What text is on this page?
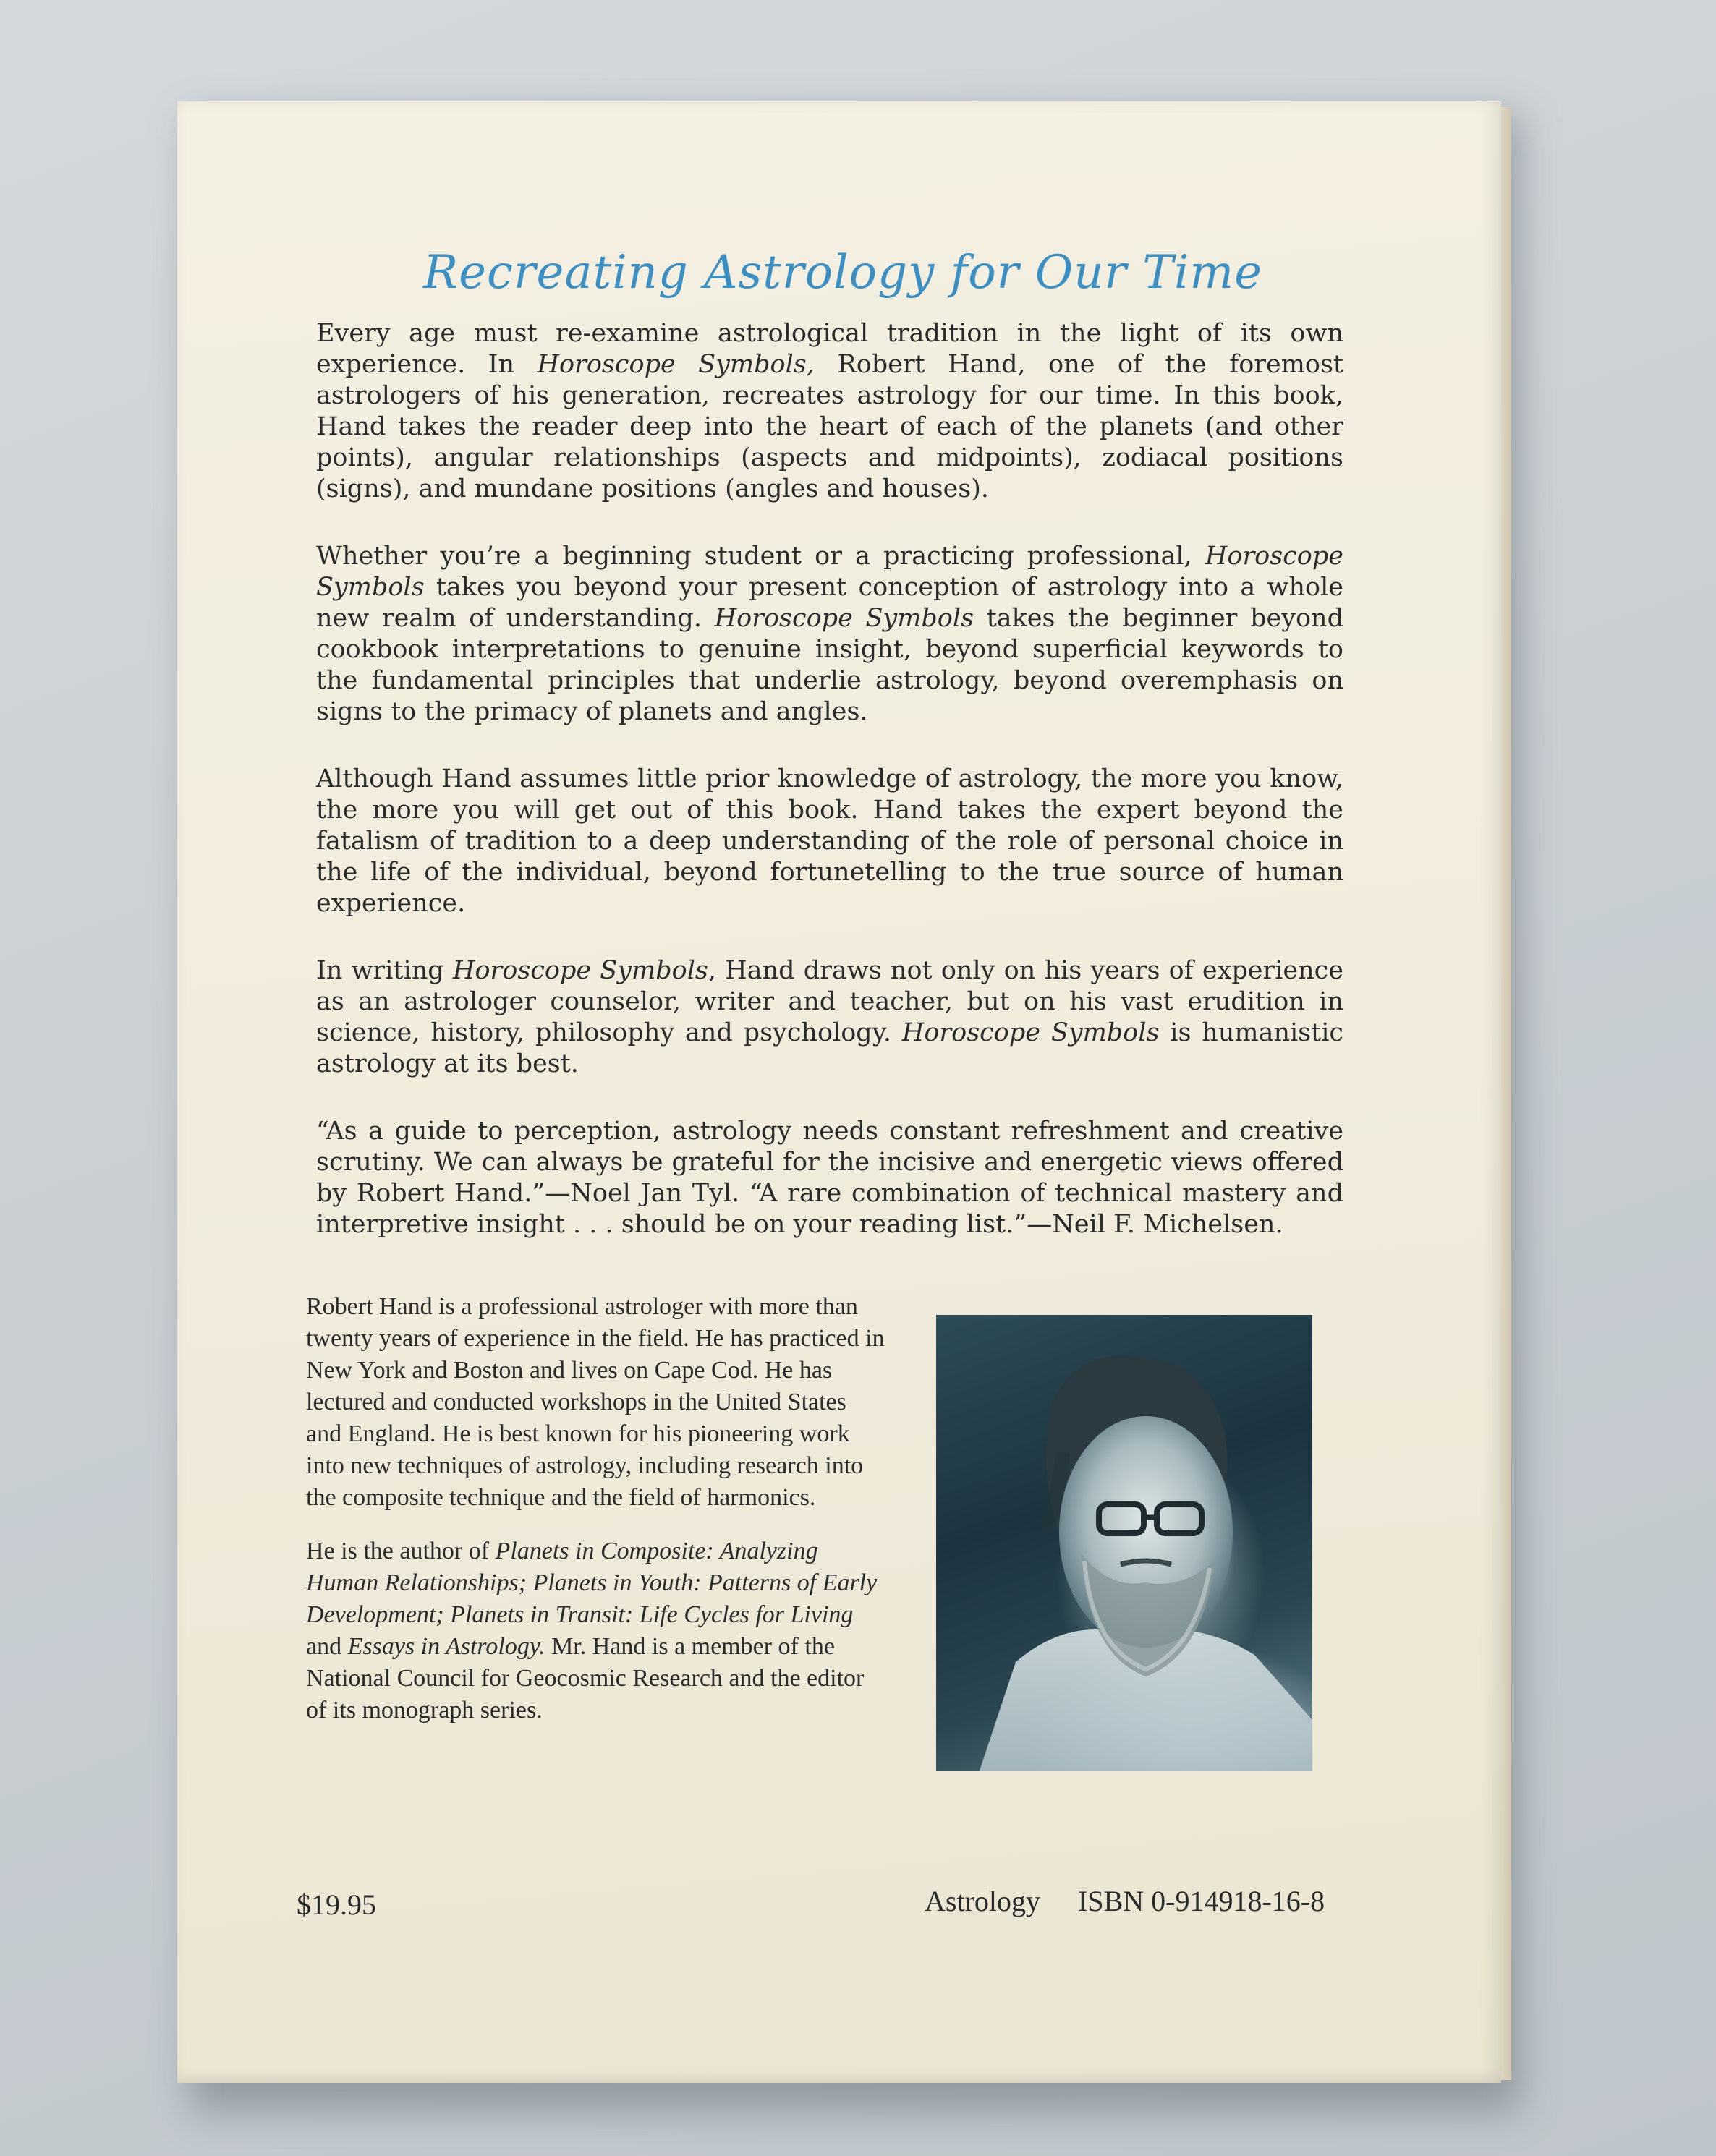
Recreating Astrology for Our Time

Every age must re-examine astrological tradition in the light of its own experience. In Horoscope Symbols, Robert Hand, one of the foremost astrologers of his generation, recreates astrology for our time. In this book, Hand takes the reader deep into the heart of each of the planets (and other points), angular relationships (aspects and midpoints), zodiacal positions (signs), and mundane positions (angles and houses).

Whether you’re a beginning student or a practicing professional, Horoscope Symbols takes you beyond your present conception of astrology into a whole new realm of understanding. Horoscope Symbols takes the beginner beyond cookbook interpretations to genuine insight, beyond superficial keywords to the fundamental principles that underlie astrology, beyond overemphasis on signs to the primacy of planets and angles.

Although Hand assumes little prior knowledge of astrology, the more you know, the more you will get out of this book. Hand takes the expert beyond the fatalism of tradition to a deep understanding of the role of personal choice in the life of the individual, beyond fortunetelling to the true source of human experience.

In writing Horoscope Symbols, Hand draws not only on his years of experience as an astrologer counselor, writer and teacher, but on his vast erudition in science, history, philosophy and psychology. Horoscope Symbols is humanistic astrology at its best.

“As a guide to perception, astrology needs constant refreshment and creative scrutiny. We can always be grateful for the incisive and energetic views offered by Robert Hand.”—Noel Jan Tyl. “A rare combination of technical mastery and interpretive insight . . . should be on your reading list.”—Neil F. Michelsen.

Robert Hand is a professional astrologer with more than twenty years of experience in the field. He has practiced in New York and Boston and lives on Cape Cod. He has lectured and conducted workshops in the United States and England. He is best known for his pioneering work into new techniques of astrology, including research into the composite technique and the field of harmonics.

He is the author of Planets in Composite: Analyzing Human Relationships; Planets in Youth: Patterns of Early Development; Planets in Transit: Life Cycles for Living and Essays in Astrology. Mr. Hand is a member of the National Council for Geocosmic Research and the editor of its monograph series.

$19.95	Astrology ISBN 0-914918-16-8
